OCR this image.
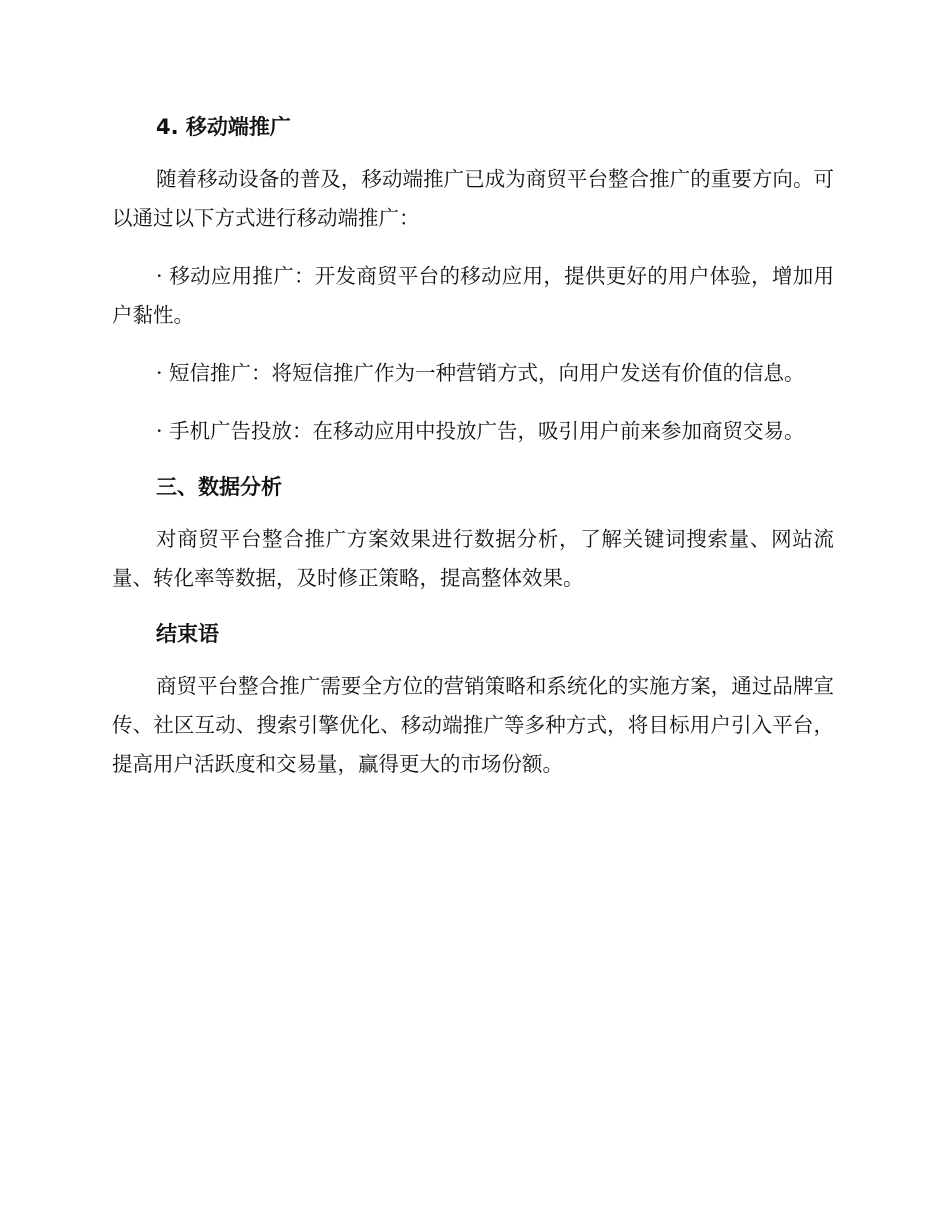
4. 移动端推广

随着移动设备的普及，移动端推广已成为商贸平台整合推广的重要方向。可以通过以下方式进行移动端推广：

· 移动应用推广：开发商贸平台的移动应用，提供更好的用户体验，增加用户黏性。

· 短信推广：将短信推广作为一种营销方式，向用户发送有价值的信息。

· 手机广告投放：在移动应用中投放广告，吸引用户前来参加商贸交易。

三、数据分析

对商贸平台整合推广方案效果进行数据分析，了解关键词搜索量、网站流量、转化率等数据，及时修正策略，提高整体效果。

结束语

商贸平台整合推广需要全方位的营销策略和系统化的实施方案，通过品牌宣传、社区互动、搜索引擎优化、移动端推广等多种方式，将目标用户引入平台，提高用户活跃度和交易量，赢得更大的市场份额。
